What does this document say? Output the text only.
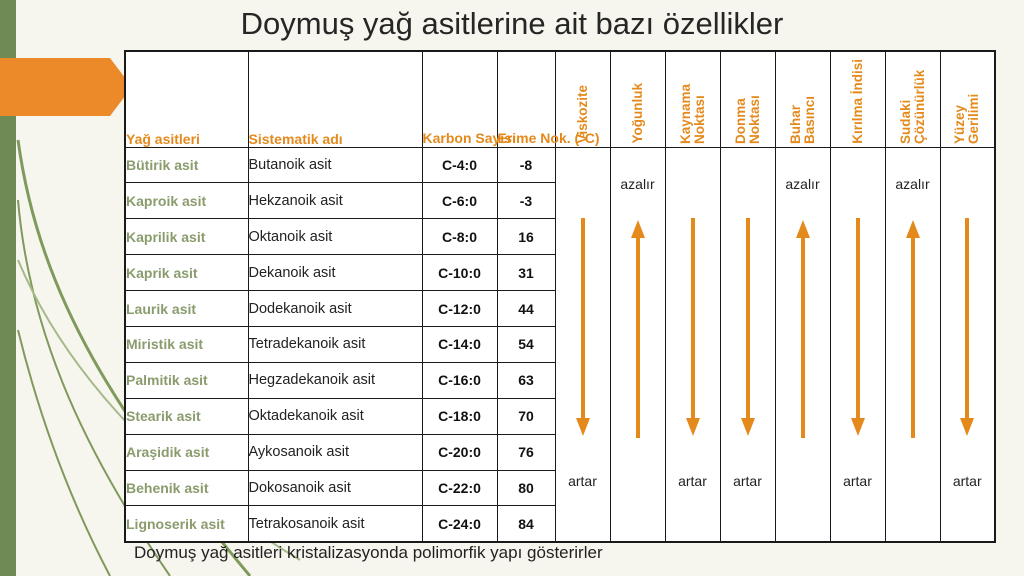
Doymuş yağ asitlerine ait bazı özellikler
Yağ asitleri	Sistematik adı	Karbon Sayısı	Erime Nok. (°C)	Viskozite	Yoğunluk	Kaynama Noktası	Donma Noktası	Buhar Basıncı	Kırılma İndisi	Sudaki Çözünürlük	Yüzey Gerilimi
Bütirik asit	Butanoik asit	C-4:0	-8	artar	azalır	artar	artar	azalır	artar	azalır	artar

Kaproik asit	Hekzanoik asit	C-6:0	-3								
Kaprilik asit	Oktanoik asit	C-8:0	16								
Kaprik asit	Dekanoik asit	C-10:0	31								
Laurik asit	Dodekanoik asit	C-12:0	44								
Miristik asit	Tetradekanoik asit	C-14:0	54								
Palmitik asit	Hegzadekanoik asit	C-16:0	63								
Stearik asit	Oktadekanoik asit	C-18:0	70								
Araşidik asit	Aykosanoik asit	C-20:0	76								
Behenik asit	Dokosanoik asit	C-22:0	80								
Lignoserik asit	Tetrakosanoik asit	C-24:0	84								
Doymuş yağ asitleri kristalizasyonda polimorfik yapı gösterirler
